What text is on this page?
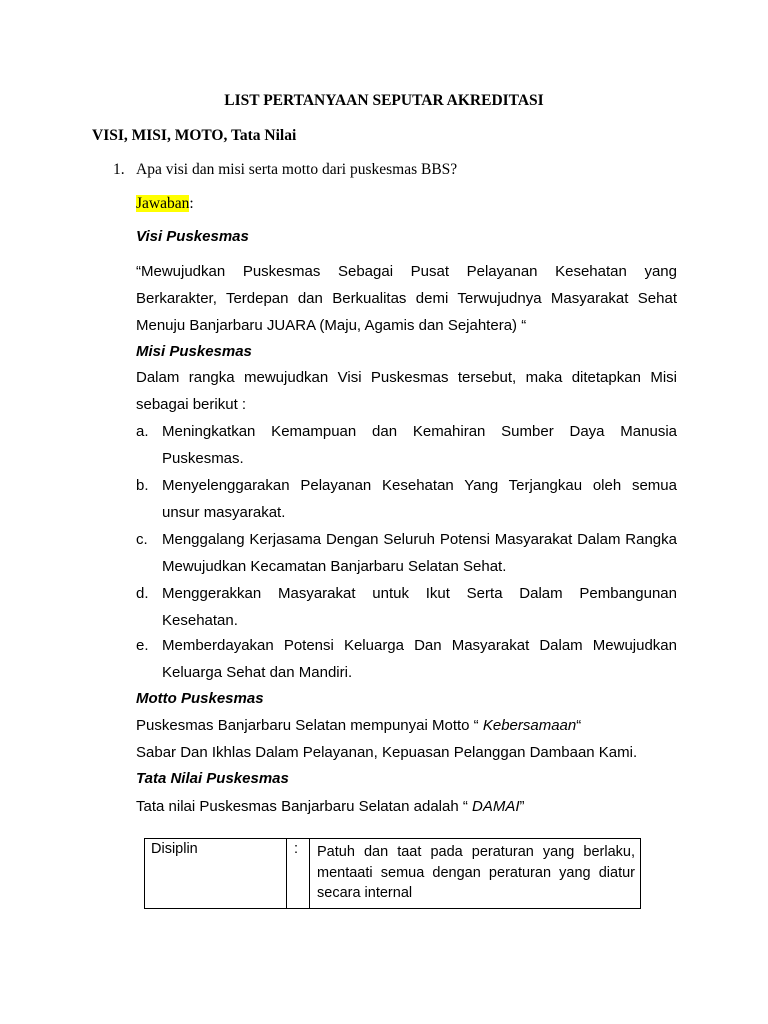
LIST PERTANYAAN SEPUTAR AKREDITASI
VISI, MISI, MOTO, Tata Nilai
1. Apa visi dan misi serta motto dari puskesmas BBS?
Jawaban:
Visi Puskesmas
“Mewujudkan Puskesmas Sebagai Pusat Pelayanan Kesehatan yang
Berkarakter, Terdepan dan Berkualitas demi Terwujudnya Masyarakat Sehat
Menuju Banjarbaru JUARA (Maju, Agamis dan Sejahtera) “
Misi Puskesmas
Dalam rangka mewujudkan Visi Puskesmas tersebut, maka ditetapkan Misi
sebagai berikut :
a. Meningkatkan Kemampuan dan Kemahiran Sumber Daya Manusia
Puskesmas.
b. Menyelenggarakan Pelayanan Kesehatan Yang Terjangkau oleh semua
unsur masyarakat.
c. Menggalang Kerjasama Dengan Seluruh Potensi Masyarakat Dalam Rangka
Mewujudkan Kecamatan Banjarbaru Selatan Sehat.
d. Menggerakkan Masyarakat untuk Ikut Serta Dalam Pembangunan
Kesehatan.
e. Memberdayakan Potensi Keluarga Dan Masyarakat Dalam Mewujudkan
Keluarga Sehat dan Mandiri.
Motto Puskesmas
Puskesmas Banjarbaru Selatan mempunyai Motto “ Kebersamaan“
Sabar Dan Ikhlas Dalam Pelayanan, Kepuasan Pelanggan Dambaan Kami.
Tata Nilai Puskesmas
Tata nilai Puskesmas Banjarbaru Selatan adalah “ DAMAI”
Disiplin	: Patuh dan taat pada peraturan yang berlaku,
mentaati semua dengan peraturan yang diatur
secara internal
